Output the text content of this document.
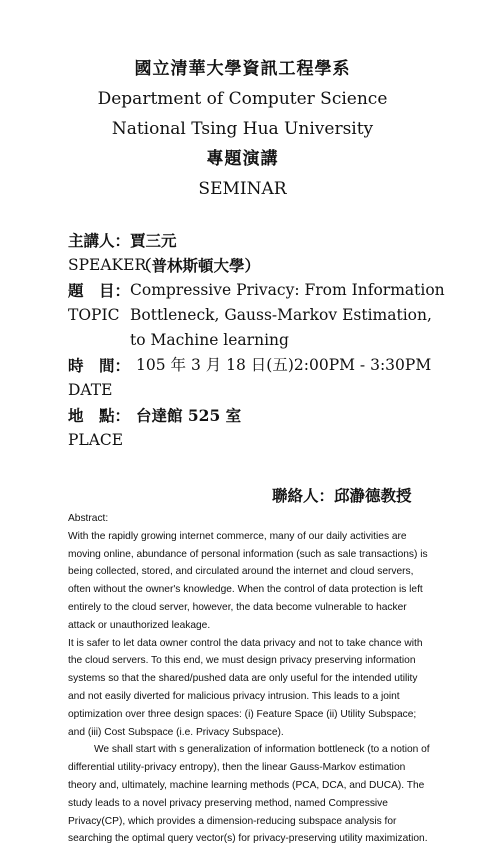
國立清華大學資訊工程學系
Department of Computer Science
National Tsing Hua University
專題演講
SEMINAR
主講人： 賈三元
SPEAKER
（普林斯頓大學）
題　目： Compressive Privacy: From Information
TOPIC Bottleneck, Gauss-Markov Estimation,
to Machine learning
時　間： 105 年 3 月 18 日(五)2:00PM - 3:30PM
DATE
地　點： 台達館 525 室
PLACE
聯絡人：邱瀞德教授

Abstract:

With the rapidly growing internet commerce, many of our daily activities are moving online, abundance of personal information (such as sale transactions) is being collected, stored, and circulated around the internet and cloud servers, often without the owner's knowledge. When the control of data protection is left entirely to the cloud server, however, the data become vulnerable to hacker attack or unauthorized leakage.

It is safer to let data owner control the data privacy and not to take chance with the cloud servers. To this end, we must design privacy preserving information systems so that the shared/pushed data are only useful for the intended utility and not easily diverted for malicious privacy intrusion. This leads to a joint optimization over three design spaces: (i) Feature Space (ii) Utility Subspace; and (iii) Cost Subspace (i.e. Privacy Subspace).

We shall start with s generalization of information bottleneck (to a notion of differential utility-privacy entropy), then the linear Gauss-Markov estimation theory and, ultimately, machine learning methods (PCA, DCA, and DUCA). The study leads to a novel privacy preserving method, named Compressive Privacy(CP), which provides a dimension-reducing subspace analysis for searching the optimal query vector(s) for privacy-preserving utility maximization.
